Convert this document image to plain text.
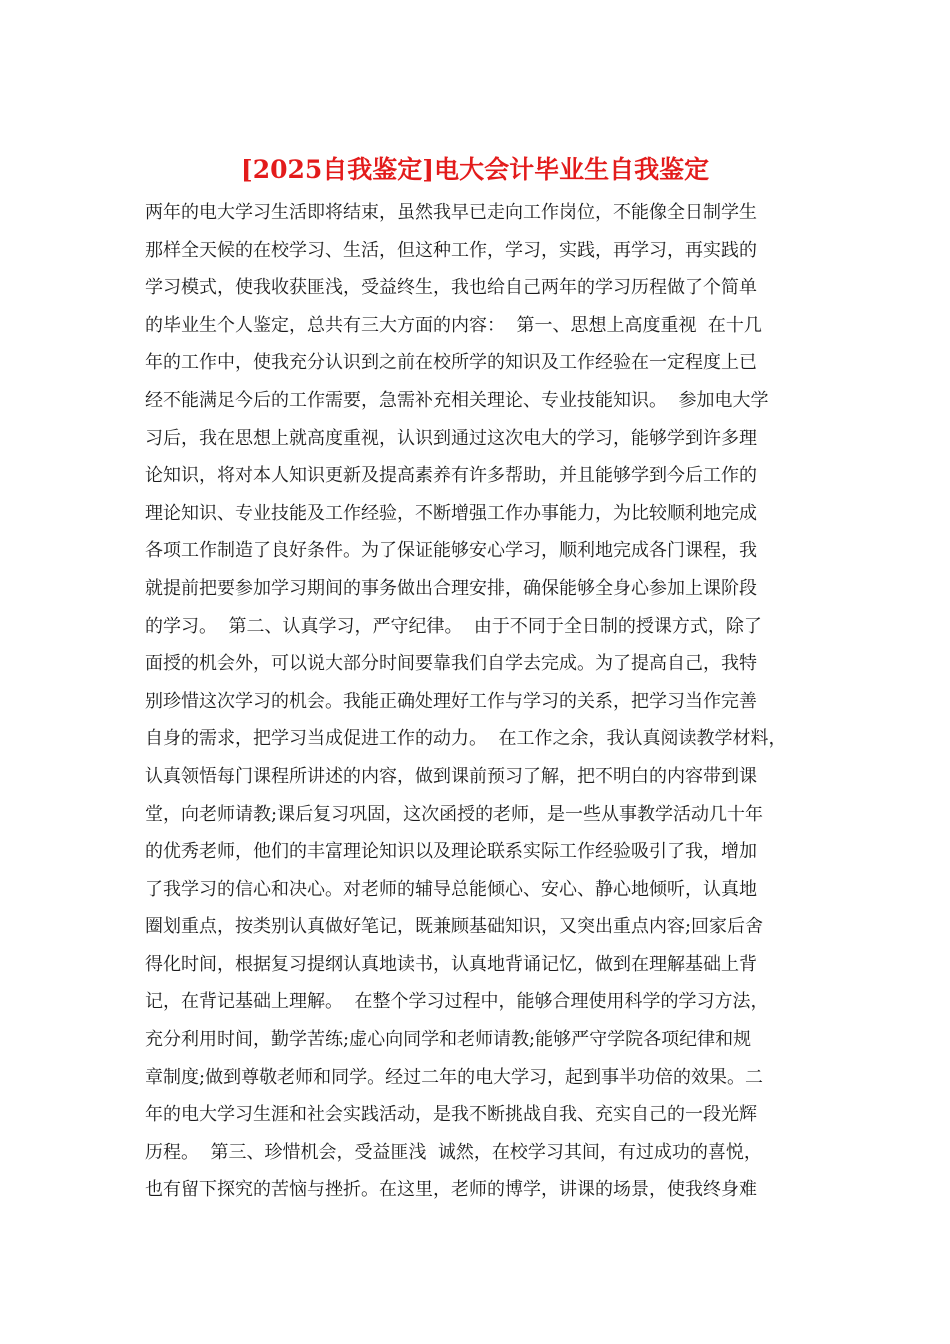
[2025自我鉴定]电大会计毕业生自我鉴定
两年的电大学习生活即将结束，虽然我早已走向工作岗位，不能像全日制学生
那样全天候的在校学习、生活，但这种工作，学习，实践，再学习，再实践的
学习模式，使我收获匪浅，受益终生，我也给自己两年的学习历程做了个简单
的毕业生个人鉴定，总共有三大方面的内容：  第一、思想上高度重视  在十几
年的工作中，使我充分认识到之前在校所学的知识及工作经验在一定程度上已
经不能满足今后的工作需要，急需补充相关理论、专业技能知识。  参加电大学
习后，我在思想上就高度重视，认识到通过这次电大的学习，能够学到许多理
论知识，将对本人知识更新及提高素养有许多帮助，并且能够学到今后工作的
理论知识、专业技能及工作经验，不断增强工作办事能力，为比较顺利地完成
各项工作制造了良好条件。为了保证能够安心学习，顺利地完成各门课程，我
就提前把要参加学习期间的事务做出合理安排，确保能够全身心参加上课阶段
的学习。  第二、认真学习，严守纪律。  由于不同于全日制的授课方式，除了
面授的机会外，可以说大部分时间要靠我们自学去完成。为了提高自己，我特
别珍惜这次学习的机会。我能正确处理好工作与学习的关系，把学习当作完善
自身的需求，把学习当成促进工作的动力。  在工作之余，我认真阅读教学材料，
认真领悟每门课程所讲述的内容，做到课前预习了解，把不明白的内容带到课
堂，向老师请教;课后复习巩固，这次函授的老师，是一些从事教学活动几十年
的优秀老师，他们的丰富理论知识以及理论联系实际工作经验吸引了我，增加
了我学习的信心和决心。对老师的辅导总能倾心、安心、静心地倾听，认真地
圈划重点，按类别认真做好笔记，既兼顾基础知识，又突出重点内容;回家后舍
得化时间，根据复习提纲认真地读书，认真地背诵记忆，做到在理解基础上背
记，在背记基础上理解。  在整个学习过程中，能够合理使用科学的学习方法，
充分利用时间，勤学苦练;虚心向同学和老师请教;能够严守学院各项纪律和规
章制度;做到尊敬老师和同学。经过二年的电大学习，起到事半功倍的效果。二
年的电大学习生涯和社会实践活动，是我不断挑战自我、充实自己的一段光辉
历程。  第三、珍惜机会，受益匪浅  诚然，在校学习其间，有过成功的喜悦，
也有留下探究的苦恼与挫折。在这里，老师的博学，讲课的场景，使我终身难
